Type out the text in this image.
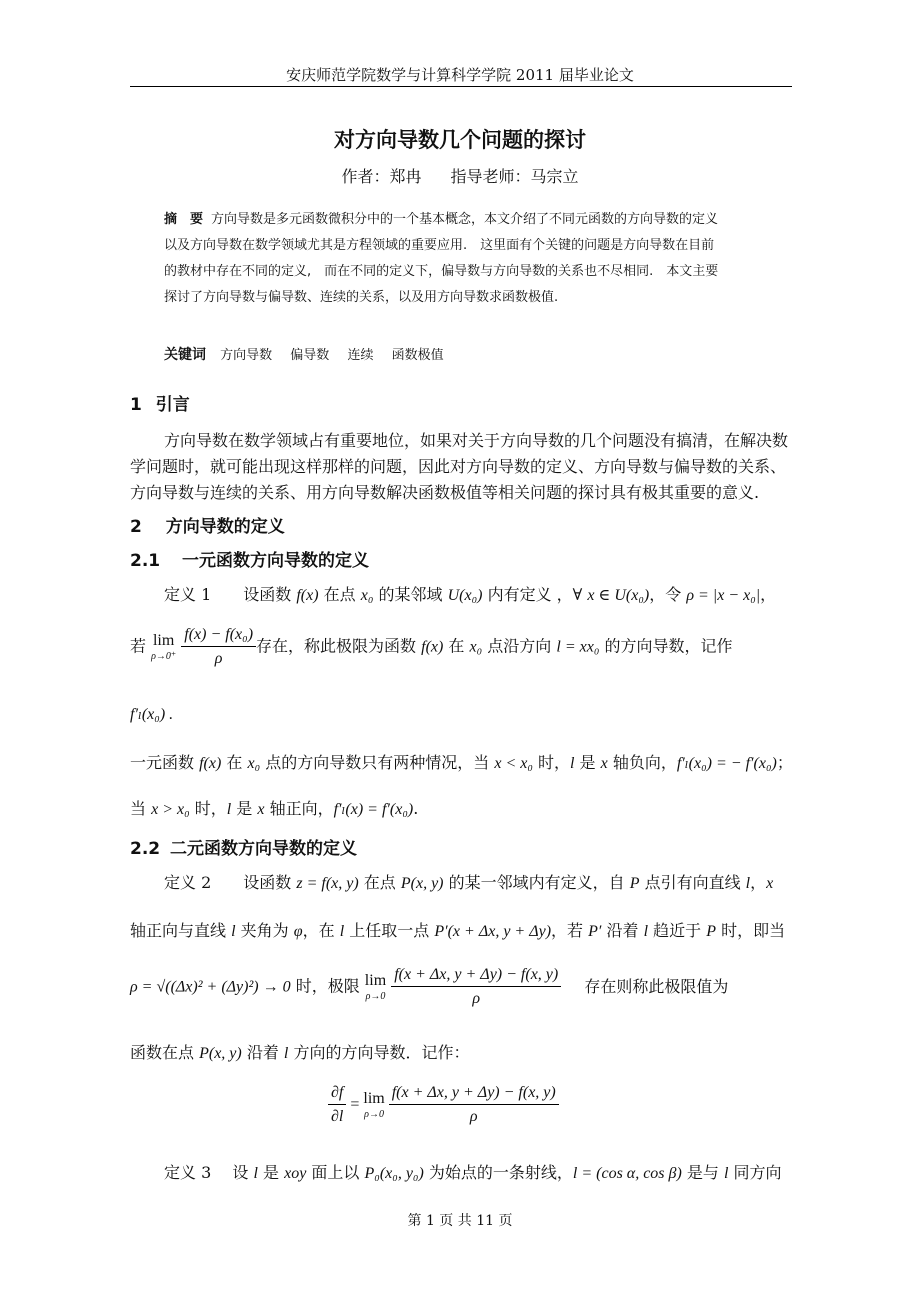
安庆师范学院数学与计算科学学院 2011 届毕业论文
对方向导数几个问题的探讨
作者：郑冉 指导老师：马宗立
摘　要 方向导数是多元函数微积分中的一个基本概念，本文介绍了不同元函数的方向导数的定义
以及方向导数在数学领域尤其是方程领域的重要应用.　这里面有个关键的问题是方向导数在目前
的教材中存在不同的定义,　而在不同的定义下，偏导数与方向导数的关系也不尽相同.　本文主要
探讨了方向导数与偏导数、连续的关系，以及用方向导数求函数极值.
关键词 方向导数 偏导数 连续 函数极值
1 引言
方向导数在数学领域占有重要地位，如果对关于方向导数的几个问题没有搞清，在解决数
学问题时，就可能出现这样那样的问题，因此对方向导数的定义、方向导数与偏导数的关系、
方向导数与连续的关系、用方向导数解决函数极值等相关问题的探讨具有极其重要的意义.
2 方向导数的定义
2.1 一元函数方向导数的定义
定义 1　　设函数 f(x) 在点 x₀ 的某邻域 U(x₀) 内有定义 ，∀ x ∈ U(x₀)，令 ρ = |x − x₀|，
若 lim
ρ→0⁺
$\frac{\text{f(x) − f(x₀)}}{\rho}$ 存在，称此极限为函数 f(x) 在 x₀ 点沿方向 l = xx₀ 的方向导数，记作
f′ₗ(x₀) .
一元函数 f(x) 在 x₀ 点的方向导数只有两种情况，当 x < x₀ 时，l 是 x 轴负向，f′ₗ(x₀) = − f′(x₀)；
当 x > x₀ 时，l 是 x 轴正向，f′ₗ(x) = f′(x₀).
2.2 二元函数方向导数的定义
定义 2　　设函数 z = f(x, y) 在点 P(x, y) 的某一邻域内有定义，自 P 点引有向直线 l，x
轴正向与直线 l 夹角为 φ，在 l 上任取一点 P′(x + Δx, y + Δy)，若 P′ 沿着 l 趋近于 P 时，即当
ρ = √((Δx)² + (Δy)²) → 0 时，极限 lim
ρ→0
$\frac{f(x + \Delta x, y + \Delta y) - f(x, y)}{\rho}$ 存在则称此极限值为
函数在点 P(x, y) 沿着 l 方向的方向导数．记作：
$\frac{\partial f}{\partial l} = \lim$
ρ→0
$\frac{f(x + \Delta x, y + \Delta y) - f(x, y)}{\rho}$
定义 3　 设 l 是 xoy 面上以 P₀(x₀, y₀) 为始点的一条射线，l = (cos α, cos β) 是与 l 同方向
第 1 页 共 11 页
